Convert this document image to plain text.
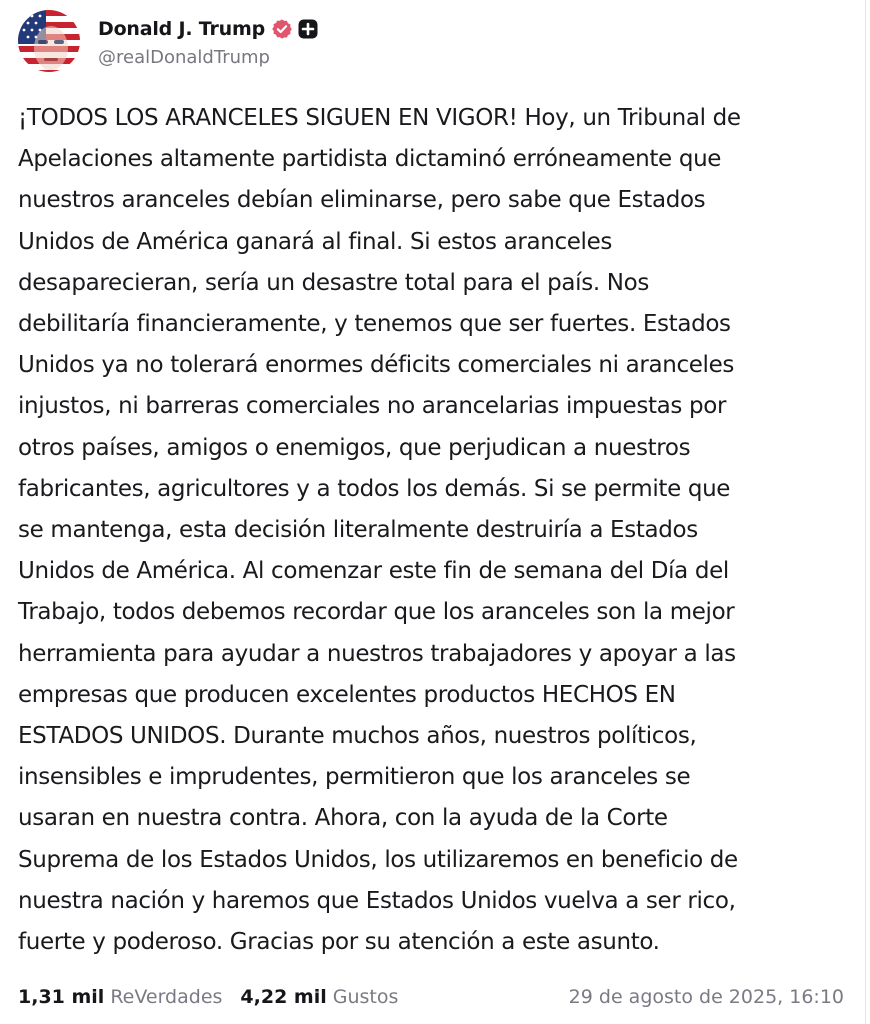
Donald J. Trump
@realDonaldTrump

¡TODOS LOS ARANCELES SIGUEN EN VIGOR! Hoy, un Tribunal de
Apelaciones altamente partidista dictaminó erróneamente que
nuestros aranceles debían eliminarse, pero sabe que Estados
Unidos de América ganará al final. Si estos aranceles
desaparecieran, sería un desastre total para el país. Nos
debilitaría financieramente, y tenemos que ser fuertes. Estados
Unidos ya no tolerará enormes déficits comerciales ni aranceles
injustos, ni barreras comerciales no arancelarias impuestas por
otros países, amigos o enemigos, que perjudican a nuestros
fabricantes, agricultores y a todos los demás. Si se permite que
se mantenga, esta decisión literalmente destruiría a Estados
Unidos de América. Al comenzar este fin de semana del Día del
Trabajo, todos debemos recordar que los aranceles son la mejor
herramienta para ayudar a nuestros trabajadores y apoyar a las
empresas que producen excelentes productos HECHOS EN
ESTADOS UNIDOS. Durante muchos años, nuestros políticos,
insensibles e imprudentes, permitieron que los aranceles se
usaran en nuestra contra. Ahora, con la ayuda de la Corte
Suprema de los Estados Unidos, los utilizaremos en beneficio de
nuestra nación y haremos que Estados Unidos vuelva a ser rico,
fuerte y poderoso. Gracias por su atención a este asunto.

1,31 mil ReVerdades 4,22 mil Gustos	29 de agosto de 2025, 16:10
